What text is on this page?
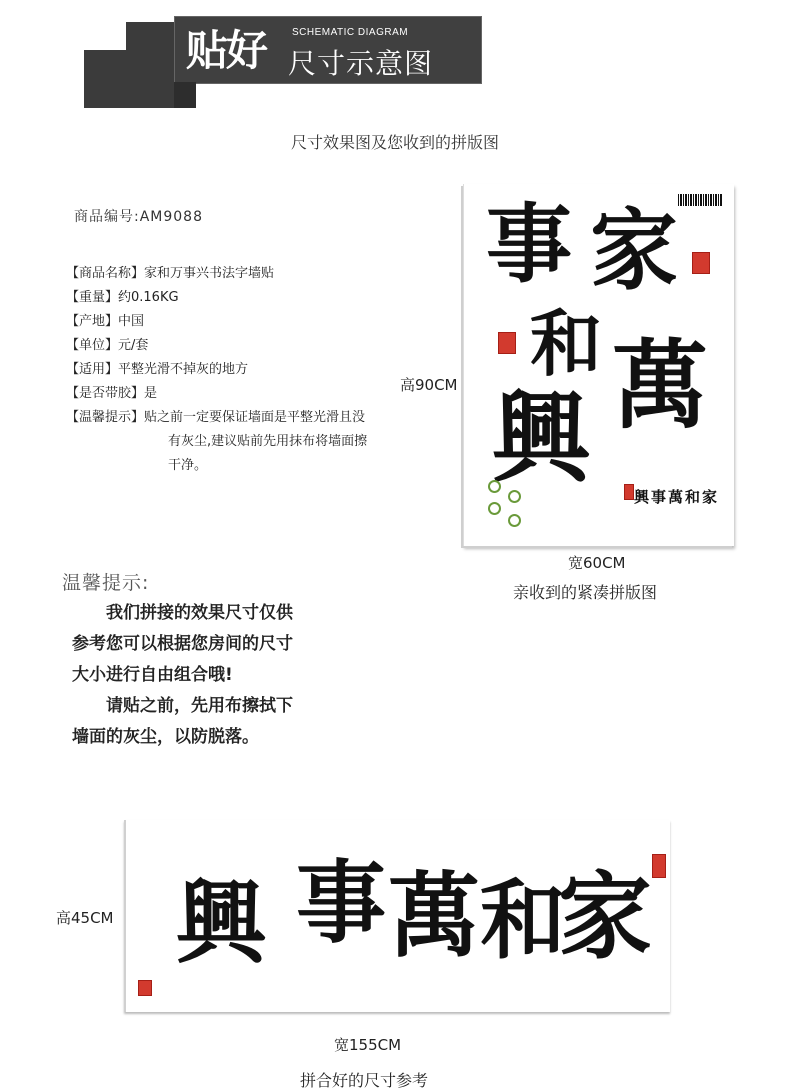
贴好	SCHEMATIC DIAGRAM
尺寸示意图
尺寸效果图及您收到的拼版图
商品编号:AM9088
【商品名称】家和万事兴书法字墙贴
【重量】约0.16KG
【产地】中国
【单位】元/套
【适用】平整光滑不掉灰的地方
【是否带胶】是
【温馨提示】贴之前一定要保证墙面是平整光滑且没有灰尘,建议贴前先用抹布将墙面擦干净。
温馨提示:

我们拼接的效果尺寸仅供参考您可以根据您房间的尺寸大小进行自由组合哦!

请贴之前，先用布擦拭下墙面的灰尘，以防脱落。

家
萬
和
事
興
興事萬和家
高90CM
宽60CM
亲收到的紧凑拼版图
興 事 萬 和
家
高45CM
宽155CM
拼合好的尺寸参考
